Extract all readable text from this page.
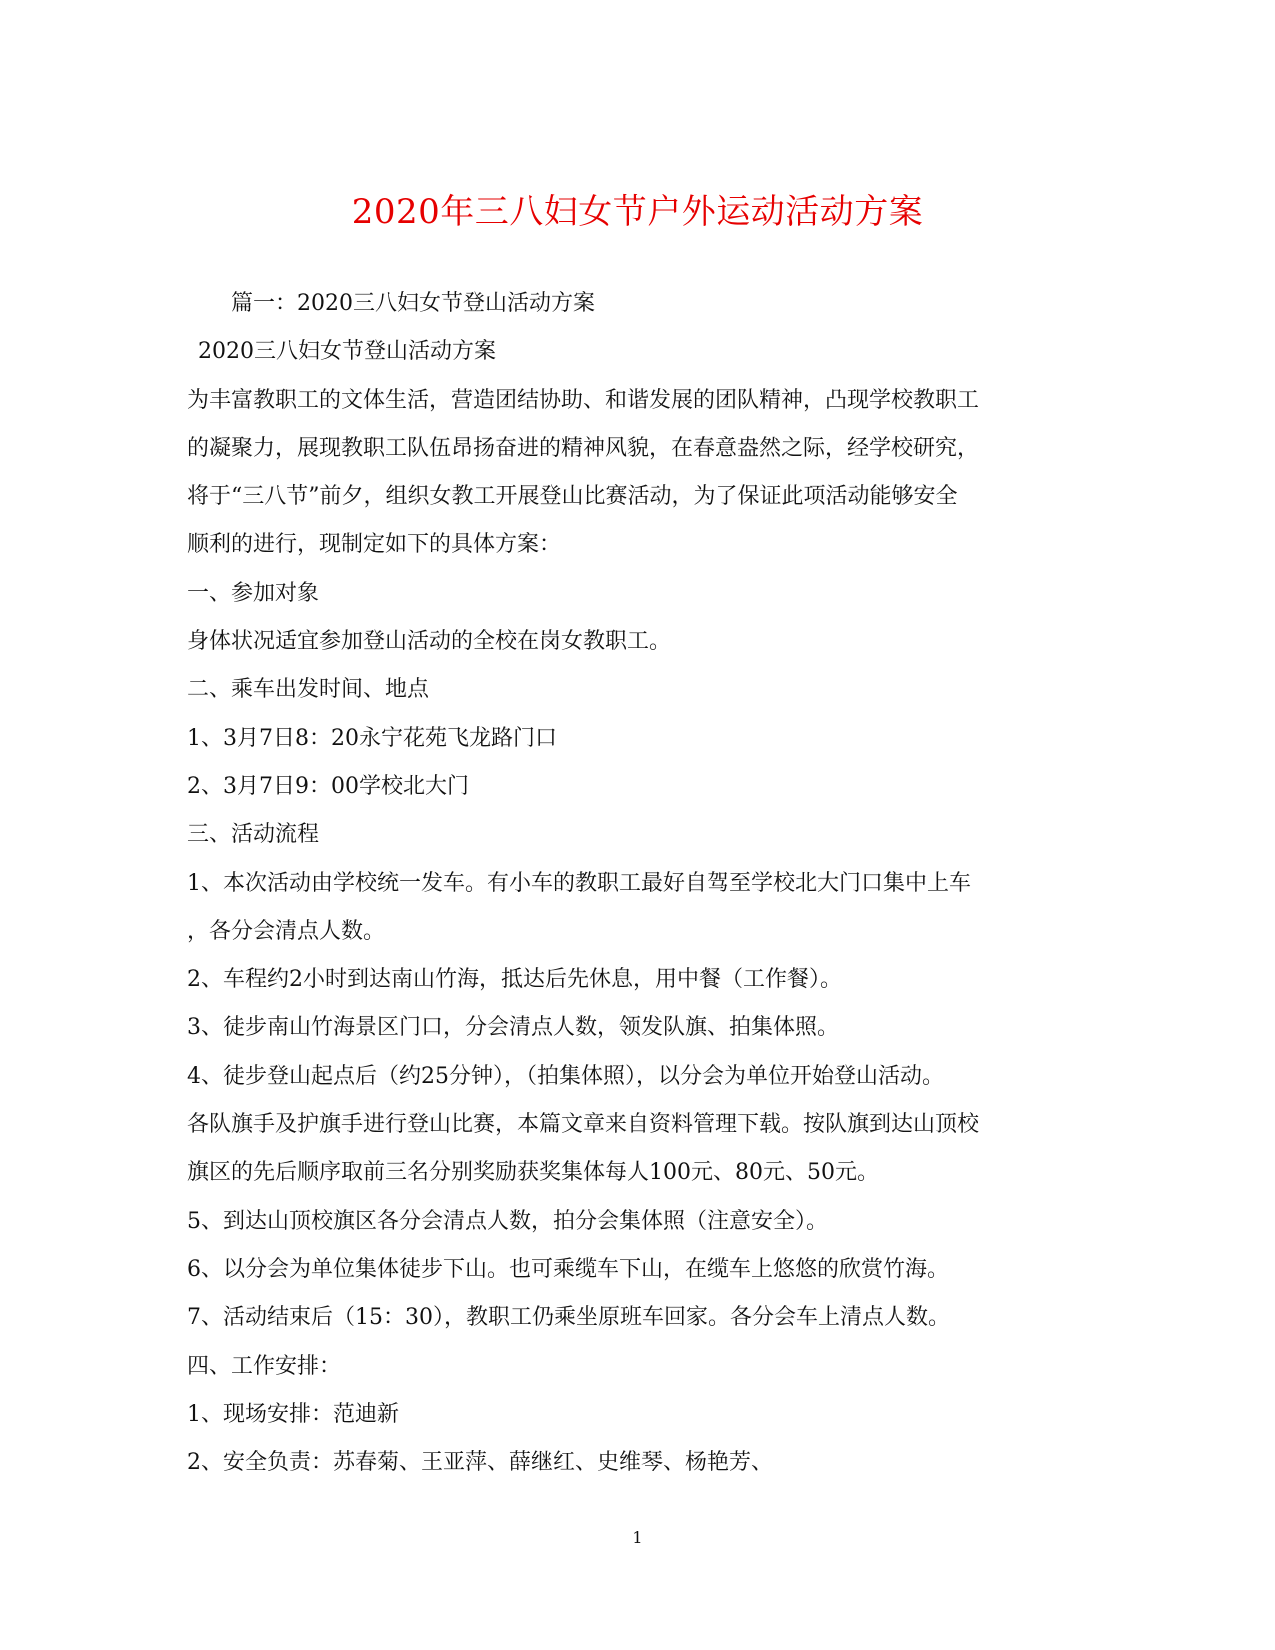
2020年三八妇女节户外运动活动方案
篇一：2020三八妇女节登山活动方案
2020三八妇女节登山活动方案
为丰富教职工的文体生活，营造团结协助、和谐发展的团队精神，凸现学校教职工
的凝聚力，展现教职工队伍昂扬奋进的精神风貌，在春意盎然之际，经学校研究，
将于“三八节”前夕，组织女教工开展登山比赛活动，为了保证此项活动能够安全
顺利的进行，现制定如下的具体方案：
一、参加对象
身体状况适宜参加登山活动的全校在岗女教职工。
二、乘车出发时间、地点
1、3月7日8：20永宁花苑飞龙路门口
2、3月7日9：00学校北大门
三、活动流程
1、本次活动由学校统一发车。有小车的教职工最好自驾至学校北大门口集中上车
，各分会清点人数。
2、车程约2小时到达南山竹海，抵达后先休息，用中餐（工作餐）。
3、徒步南山竹海景区门口，分会清点人数，领发队旗、拍集体照。
4、徒步登山起点后（约25分钟），（拍集体照），以分会为单位开始登山活动。
各队旗手及护旗手进行登山比赛，本篇文章来自资料管理下载。按队旗到达山顶校
旗区的先后顺序取前三名分别奖励获奖集体每人100元、80元、50元。
5、到达山顶校旗区各分会清点人数，拍分会集体照（注意安全）。
6、以分会为单位集体徒步下山。也可乘缆车下山，在缆车上悠悠的欣赏竹海。
7、活动结束后（15：30），教职工仍乘坐原班车回家。各分会车上清点人数。
四、工作安排：
1、现场安排：范迪新
2、安全负责：苏春菊、王亚萍、薛继红、史维琴、杨艳芳、
1
